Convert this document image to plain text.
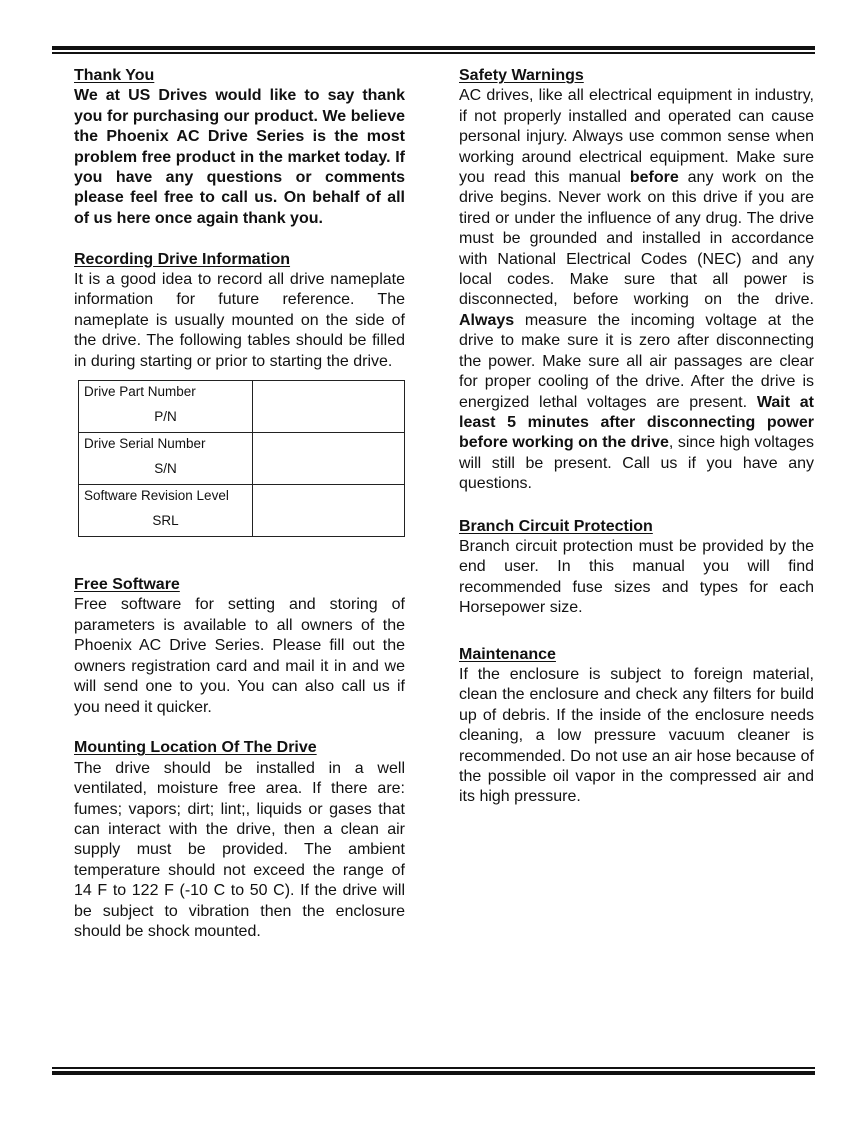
Thank You

We at US Drives would like to say thank you for purchasing our product. We believe the Phoenix AC Drive Series is the most problem free product in the market today. If you have any questions or comments please feel free to call us. On behalf of all of us here once again thank you.

Recording Drive Information

It is a good idea to record all drive nameplate information for future reference. The nameplate is usually mounted on the side of the drive. The following tables should be filled in during starting or prior to starting the drive.

Drive Part Number
P/N	

Drive Serial Number
S/N	

Software Revision Level
SRL	

Free Software

Free software for setting and storing of parameters is available to all owners of the Phoenix AC Drive Series. Please fill out the owners registration card and mail it in and we will send one to you. You can also call us if you need it quicker.

Mounting Location Of The Drive

The drive should be installed in a well ventilated, moisture free area. If there are: fumes; vapors; dirt; lint;, liquids or gases that can interact with the drive, then a clean air supply must be provided. The ambient temperature should not exceed the range of 14 F to 122 F (-10 C to 50 C). If the drive will be subject to vibration then the enclosure should be shock mounted.

Safety Warnings

AC drives, like all electrical equipment in industry, if not properly installed and operated can cause personal injury. Always use common sense when working around electrical equipment. Make sure you read this manual before any work on the drive begins. Never work on this drive if you are tired or under the influence of any drug. The drive must be grounded and installed in accordance with National Electrical Codes (NEC) and any local codes. Make sure that all power is disconnected, before working on the drive. Always measure the incoming voltage at the drive to make sure it is zero after disconnecting the power. Make sure all air passages are clear for proper cooling of the drive. After the drive is energized lethal voltages are present. Wait at least 5 minutes after disconnecting power before working on the drive, since high voltages will still be present. Call us if you have any questions.

Branch Circuit Protection

Branch circuit protection must be provided by the end user. In this manual you will find recommended fuse sizes and types for each Horsepower size.

Maintenance

If the enclosure is subject to foreign material, clean the enclosure and check any filters for build up of debris. If the inside of the enclosure needs cleaning, a low pressure vacuum cleaner is recommended. Do not use an air hose because of the possible oil vapor in the compressed air and its high pressure.
